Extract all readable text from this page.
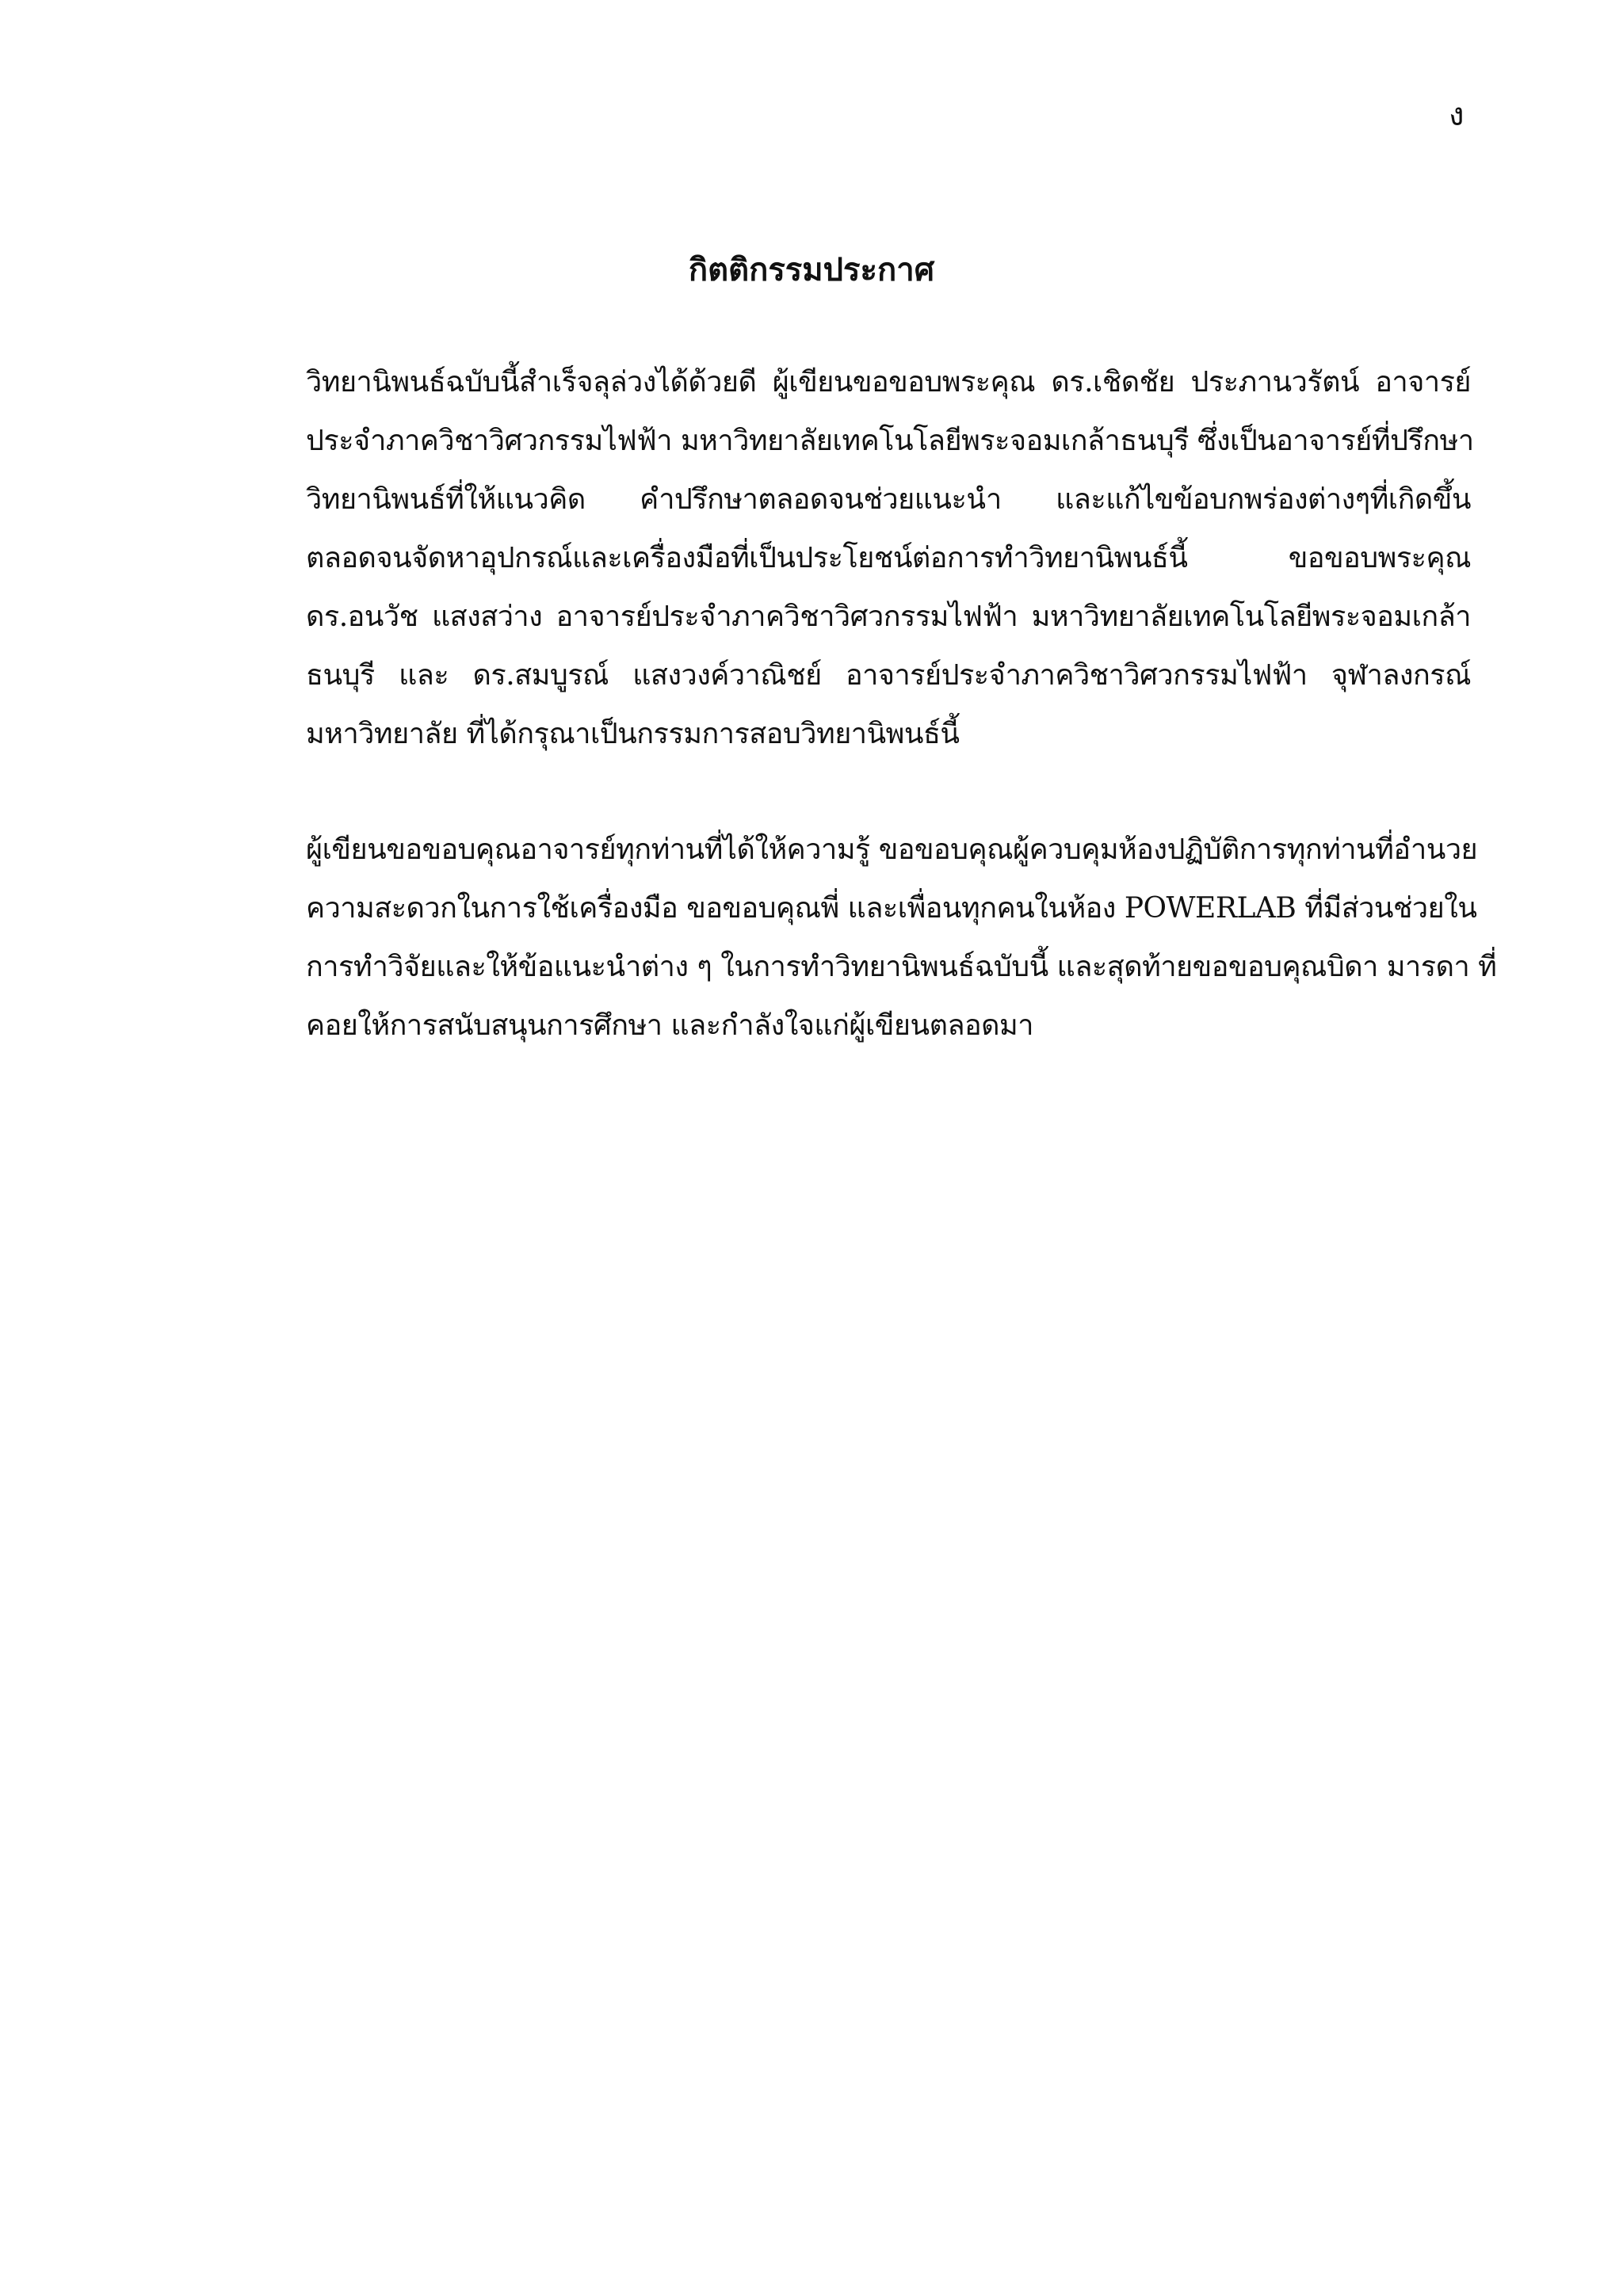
ง
กิตติกรรมประกาศ
วิทยานิพนธ์ฉบับนี้สำเร็จลุล่วงได้ด้วยดี ผู้เขียนขอขอบพระคุณ ดร.เชิดชัย ประภานวรัตน์ อาจารย์
ประจำภาควิชาวิศวกรรมไฟฟ้า มหาวิทยาลัยเทคโนโลยีพระจอมเกล้าธนบุรี ซึ่งเป็นอาจารย์ที่ปรึกษา
วิทยานิพนธ์ที่ให้แนวคิด คำปรึกษาตลอดจนช่วยแนะนำ และแก้ไขข้อบกพร่องต่างๆที่เกิดขึ้น
ตลอดจนจัดหาอุปกรณ์และเครื่องมือที่เป็นประโยชน์ต่อการทำวิทยานิพนธ์นี้ ขอขอบพระคุณ
ดร.อนวัช แสงสว่าง อาจารย์ประจำภาควิชาวิศวกรรมไฟฟ้า มหาวิทยาลัยเทคโนโลยีพระจอมเกล้า
ธนบุรี และ ดร.สมบูรณ์ แสงวงค์วาณิชย์ อาจารย์ประจำภาควิชาวิศวกรรมไฟฟ้า จุฬาลงกรณ์
มหาวิทยาลัย ที่ได้กรุณาเป็นกรรมการสอบวิทยานิพนธ์นี้
ผู้เขียนขอขอบคุณอาจารย์ทุกท่านที่ได้ให้ความรู้ ขอขอบคุณผู้ควบคุมห้องปฏิบัติการทุกท่านที่อำนวย
ความสะดวกในการใช้เครื่องมือ ขอขอบคุณพี่ และเพื่อนทุกคนในห้อง POWERLAB ที่มีส่วนช่วยใน
การทำวิจัยและให้ข้อแนะนำต่าง ๆ ในการทำวิทยานิพนธ์ฉบับนี้ และสุดท้ายขอขอบคุณบิดา มารดา ที่
คอยให้การสนับสนุนการศึกษา และกำลังใจแก่ผู้เขียนตลอดมา
